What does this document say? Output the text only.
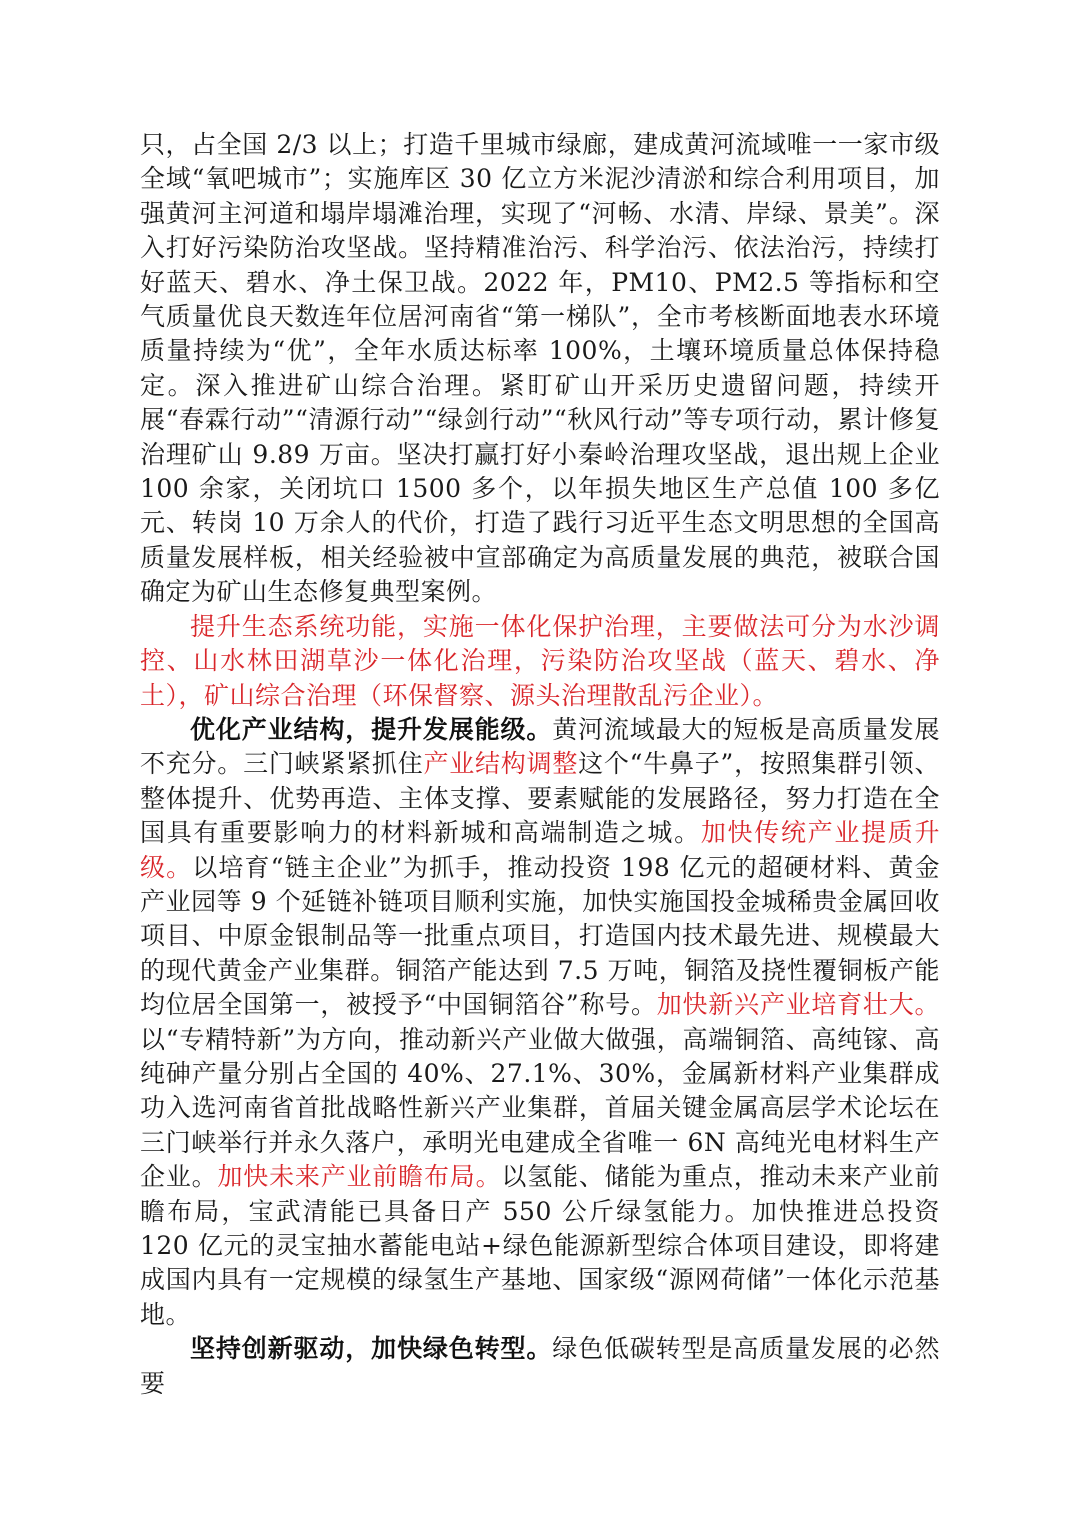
只，占全国 2/3 以上；打造千里城市绿廊，建成黄河流域唯一一家市级全域“氧吧城市”；实施库区 30 亿立方米泥沙清淤和综合利用项目，加强黄河主河道和塌岸塌滩治理，实现了“河畅、水清、岸绿、景美”。深入打好污染防治攻坚战。坚持精准治污、科学治污、依法治污，持续打好蓝天、碧水、净土保卫战。2022 年，PM10、PM2.5 等指标和空气质量优良天数连年位居河南省“第一梯队”，全市考核断面地表水环境质量持续为“优”，全年水质达标率 100%，土壤环境质量总体保持稳定。深入推进矿山综合治理。紧盯矿山开采历史遗留问题，持续开展“春霖行动”“清源行动”“绿剑行动”“秋风行动”等专项行动，累计修复治理矿山 9.89 万亩。坚决打赢打好小秦岭治理攻坚战，退出规上企业 100 余家，关闭坑口 1500 多个，以年损失地区生产总值 100 多亿元、转岗 10 万余人的代价，打造了践行习近平生态文明思想的全国高质量发展样板，相关经验被中宣部确定为高质量发展的典范，被联合国确定为矿山生态修复典型案例。

提升生态系统功能，实施一体化保护治理，主要做法可分为水沙调控、山水林田湖草沙一体化治理，污染防治攻坚战（蓝天、碧水、净土），矿山综合治理（环保督察、源头治理散乱污企业）。

优化产业结构，提升发展能级。黄河流域最大的短板是高质量发展不充分。三门峡紧紧抓住产业结构调整这个“牛鼻子”，按照集群引领、整体提升、优势再造、主体支撑、要素赋能的发展路径，努力打造在全国具有重要影响力的材料新城和高端制造之城。加快传统产业提质升级。以培育“链主企业”为抓手，推动投资 198 亿元的超硬材料、黄金产业园等 9 个延链补链项目顺利实施，加快实施国投金城稀贵金属回收项目、中原金银制品等一批重点项目，打造国内技术最先进、规模最大的现代黄金产业集群。铜箔产能达到 7.5 万吨，铜箔及挠性覆铜板产能均位居全国第一，被授予“中国铜箔谷”称号。加快新兴产业培育壮大。以“专精特新”为方向，推动新兴产业做大做强，高端铜箔、高纯镓、高纯砷产量分别占全国的 40%、27.1%、30%，金属新材料产业集群成功入选河南省首批战略性新兴产业集群，首届关键金属高层学术论坛在三门峡举行并永久落户，承明光电建成全省唯一 6N 高纯光电材料生产企业。加快未来产业前瞻布局。以氢能、储能为重点，推动未来产业前瞻布局，宝武清能已具备日产 550 公斤绿氢能力。加快推进总投资 120 亿元的灵宝抽水蓄能电站+绿色能源新型综合体项目建设，即将建成国内具有一定规模的绿氢生产基地、国家级“源网荷储”一体化示范基地。

坚持创新驱动，加快绿色转型。绿色低碳转型是高质量发展的必然要
